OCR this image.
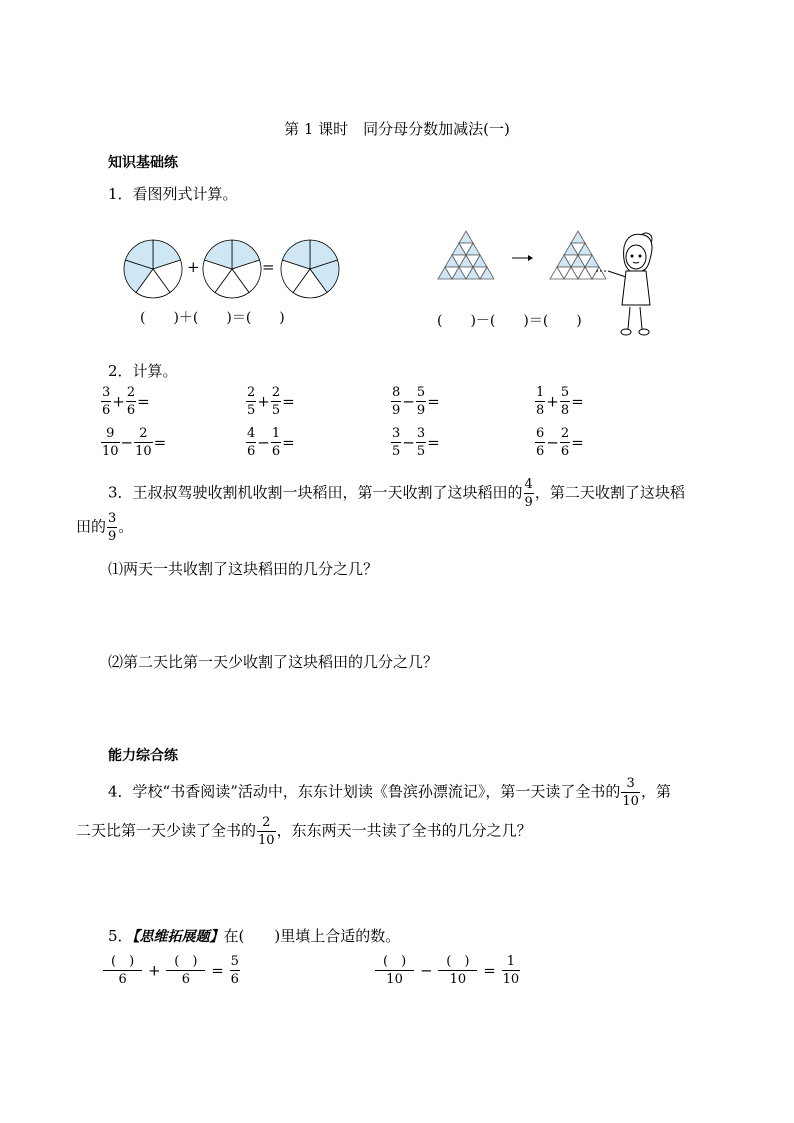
第 1 课时　同分母分数加减法(一)
知识基础练
1．看图列式计算。
+	=
(　　)＋(　　)＝(　　)	(　　)－(　　)＝(　　)
2．计算。
$\frac{3}{6} + \frac{2}{6}$ =	$\frac{2}{5} + \frac{2}{5}$ =	$\frac{8}{9} - \frac{5}{9}$ =	$\frac{1}{8} + \frac{5}{8}$ =
$\frac{9}{10} - \frac{2}{10}$ =	$\frac{4}{6} - \frac{1}{6}$ =	$\frac{3}{5} - \frac{3}{5}$ =	$\frac{6}{6} - \frac{2}{6}$ =
3．王叔叔驾驶收割机收割一块稻田，第一天收割了这块稻田的 $\frac{4}{9}$ ，第二天收割了这块稻
田的 $\frac{3}{9}$ 。
⑴两天一共收割了这块稻田的几分之几？
⑵第二天比第一天少收割了这块稻田的几分之几？
能力综合练
4．学校“书香阅读”活动中，东东计划读《鲁滨孙漂流记》，第一天读了全书的 $\frac{3}{10}$ ，第
二天比第一天少读了全书的 $\frac{2}{10}$ ，东东两天一共读了全书的几分之几？
5．【思维拓展题】在(　　)里填上合适的数。
$\frac{( )}{6} + \frac{( )}{6} = \frac{5}{6}$	$\frac{( )}{10} - \frac{( )}{10} = \frac{1}{10}$
